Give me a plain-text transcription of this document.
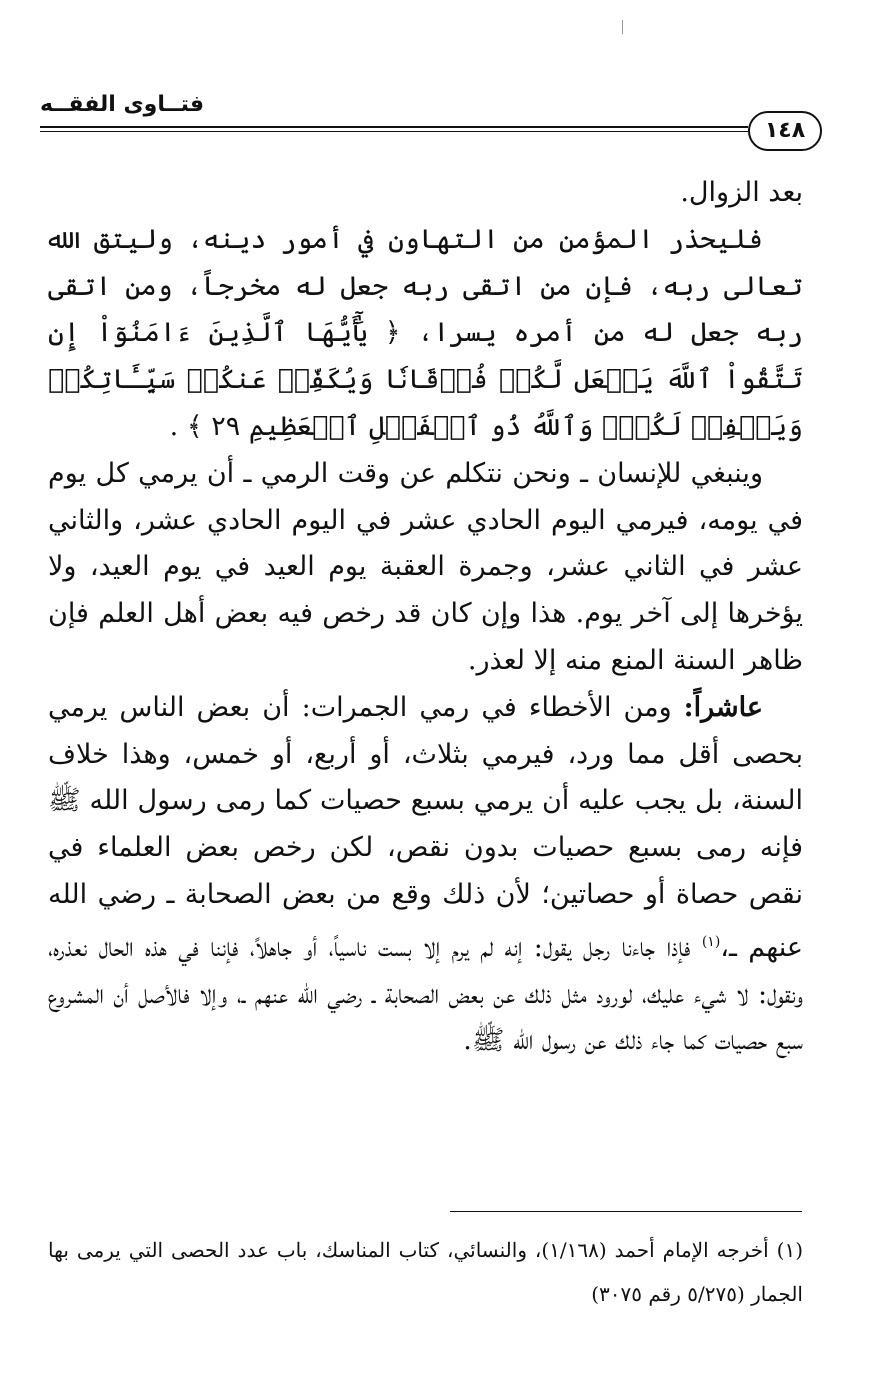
فتــاوى الفقــه
١٤٨

بعد الزوال.

فليحذر المؤمن من التهاون في أمور دينه، وليتق الله تعالى ربه، فإن من اتقى ربه جعل له مخرجاً، ومن اتقى ربه جعل له من أمره يسرا، ﴿ يَٰٓأَيُّهَا ٱلَّذِينَ ءَامَنُوٓاْ إِن تَتَّقُواْ ٱللَّهَ يَجۡعَل لَّكُمۡ فُرۡقَانٗا وَيُكَفِّرۡ عَنكُمۡ سَيِّـَٔاتِكُمۡ وَيَغۡفِرۡ لَكُمۡۗ وَٱللَّهُ ذُو ٱلۡفَضۡلِ ٱلۡعَظِيمِ ٢٩ ﴾ .

وينبغي للإنسان ـ ونحن نتكلم عن وقت الرمي ـ أن يرمي كل يوم في يومه، فيرمي اليوم الحادي عشر في اليوم الحادي عشر، والثاني عشر في الثاني عشر، وجمرة العقبة يوم العيد في يوم العيد، ولا يؤخرها إلى آخر يوم. هذا وإن كان قد رخص فيه بعض أهل العلم فإن ظاهر السنة المنع منه إلا لعذر.

عاشراً: ومن الأخطاء في رمي الجمرات: أن بعض الناس يرمي بحصى أقل مما ورد، فيرمي بثلاث، أو أربع، أو خمس، وهذا خلاف السنة، بل يجب عليه أن يرمي بسبع حصيات كما رمى رسول الله ﷺ فإنه رمى بسبع حصيات بدون نقص، لكن رخص بعض العلماء في نقص حصاة أو حصاتين؛ لأن ذلك وقع من بعض الصحابة ـ رضي الله عنهم ـ،$^{(١)}$ فإذا جاءنا رجل يقول: إنه لم يرم إلا بست ناسياً، أو جاهلاً، فإننا في هذه الحال نعذره، ونقول: لا شيء عليك، لورود مثل ذلك عن بعض الصحابة ـ رضي الله عنهم ـ، وإلا فالأصل أن المشروع سبع حصيات كما جاء ذلك عن رسول الله ﷺ.

(١) أخرجه الإمام أحمد (١/١٦٨)، والنسائي، كتاب المناسك، باب عدد الحصى التي يرمى بها الجمار (٥/٢٧٥ رقم ٣٠٧٥)
